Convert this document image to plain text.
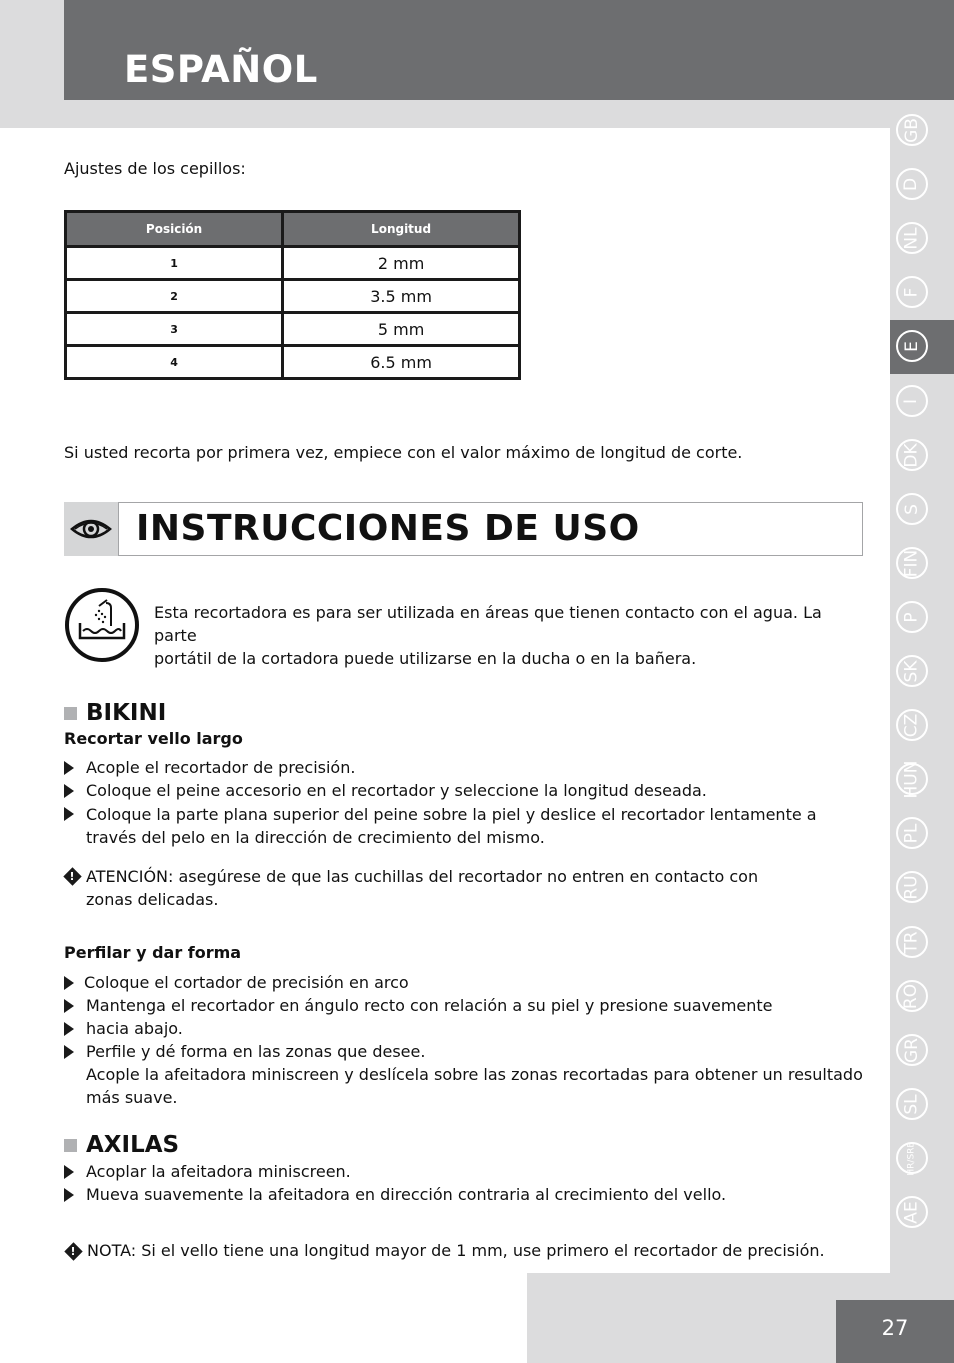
ESPAÑOL
27
GB
D
NL
F
E
I
DK
S
FIN
P
SK
CZ
HUN
PL
RU
TR
RO
GR
SL
HR/SRB
AE
Ajustes de los cepillos:
Posición	Longitud
1	2 mm
2	3.5 mm
3	5 mm
4	6.5 mm
Si usted recorta por primera vez, empiece con el valor máximo de longitud de corte.
INSTRUCCIONES DE USO
Esta recortadora es para ser utilizada en áreas que tienen contacto con el agua. La parte
portátil de la cortadora puede utilizarse en la ducha o en la bañera.
BIKINI
Recortar vello largo
Acople el recortador de precisión.
Coloque el peine accesorio en el recortador y seleccione la longitud deseada.
Coloque la parte plana superior del peine sobre la piel y deslice el recortador lentamente a
través del pelo en la dirección de crecimiento del mismo.
! ATENCIÓN: asegúrese de que las cuchillas del recortador no entren en contacto con
zonas delicadas.
Perfilar y dar forma
Coloque el cortador de precisión en arco
Mantenga el recortador en ángulo recto con relación a su piel y presione suavemente
hacia abajo.
Perfile y dé forma en las zonas que desee.
Acople la afeitadora miniscreen y deslícela sobre las zonas recortadas para obtener un resultado
más suave.
AXILAS
Acoplar la afeitadora miniscreen.
Mueva suavemente la afeitadora en dirección contraria al crecimiento del vello.
! NOTA: Si el vello tiene una longitud mayor de 1 mm, use primero el recortador de precisión.
